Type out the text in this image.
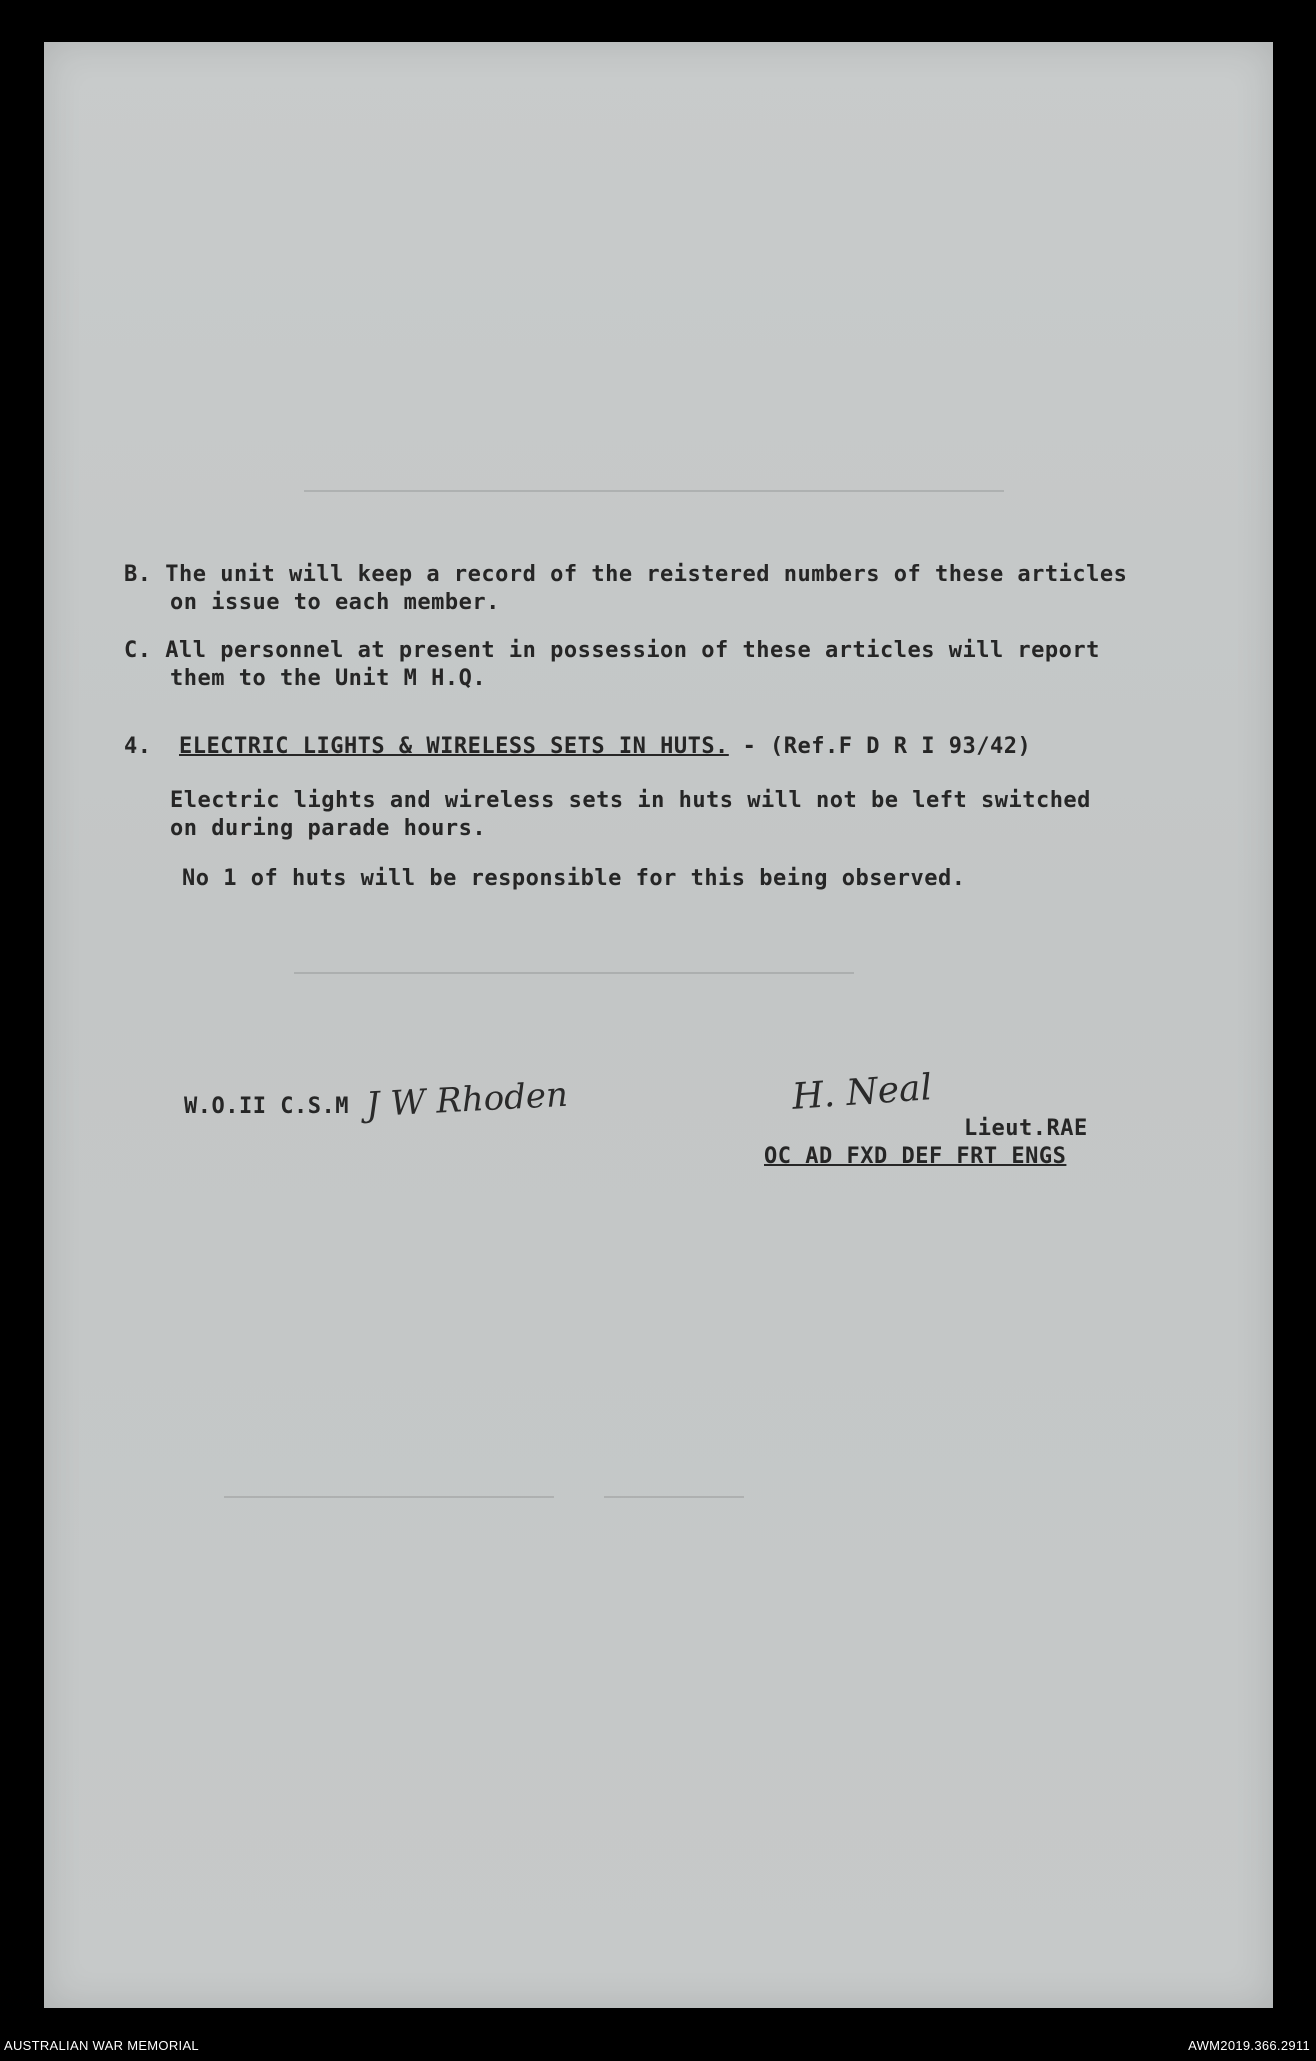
B. The unit will keep a record of the reistered numbers of these articles
on issue to each member.
C. All personnel at present in possession of these articles will report
them to the Unit M H.Q.
4. ELECTRIC LIGHTS & WIRELESS SETS IN HUTS. - (Ref.F D R I 93/42)
Electric lights and wireless sets in huts will not be left switched
on during parade hours.
No 1 of huts will be responsible for this being observed.
W.O.II C.S.M J W Rhoden	H. Neal
Lieut.RAE
OC AD FXD DEF FRT ENGS
AUSTRALIAN WAR MEMORIAL	AWM2019.366.2911
